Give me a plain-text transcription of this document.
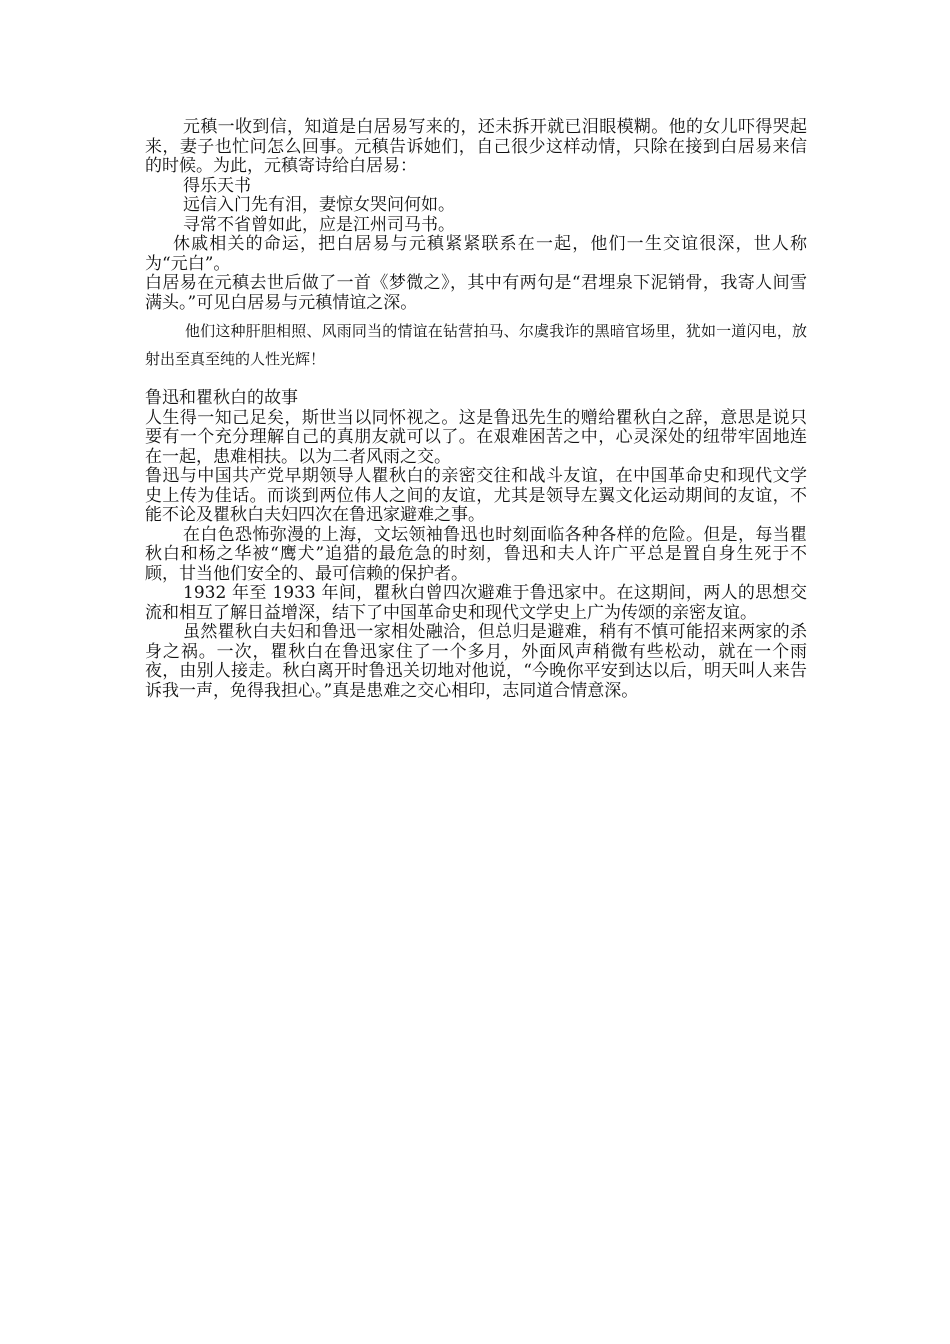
元稹一收到信，知道是白居易写来的，还未拆开就已泪眼模糊。他的女儿吓得哭起来，妻子也忙问怎么回事。元稹告诉她们，自己很少这样动情，只除在接到白居易来信的时候。为此，元稹寄诗给白居易：

得乐天书

远信入门先有泪，妻惊女哭问何如。

寻常不省曾如此，应是江州司马书。

休戚相关的命运，把白居易与元稹紧紧联系在一起，他们一生交谊很深，世人称为“元白”。

白居易在元稹去世后做了一首《梦微之》，其中有两句是“君埋泉下泥销骨，我寄人间雪满头。”可见白居易与元稹情谊之深。

他们这种肝胆相照、风雨同当的情谊在钻营拍马、尔虞我诈的黑暗官场里，犹如一道闪电，放射出至真至纯的人性光辉！

鲁迅和瞿秋白的故事

人生得一知己足矣，斯世当以同怀视之。这是鲁迅先生的赠给瞿秋白之辞，意思是说只要有一个充分理解自己的真朋友就可以了。在艰难困苦之中，心灵深处的纽带牢固地连在一起，患难相扶。以为二者风雨之交。

鲁迅与中国共产党早期领导人瞿秋白的亲密交往和战斗友谊，在中国革命史和现代文学史上传为佳话。而谈到两位伟人之间的友谊，尤其是领导左翼文化运动期间的友谊，不能不论及瞿秋白夫妇四次在鲁迅家避难之事。

在白色恐怖弥漫的上海，文坛领袖鲁迅也时刻面临各种各样的危险。但是，每当瞿秋白和杨之华被“鹰犬”追猎的最危急的时刻，鲁迅和夫人许广平总是置自身生死于不顾，甘当他们安全的、最可信赖的保护者。

1932 年至 1933 年间，瞿秋白曾四次避难于鲁迅家中。在这期间，两人的思想交流和相互了解日益增深，结下了中国革命史和现代文学史上广为传颂的亲密友谊。

虽然瞿秋白夫妇和鲁迅一家相处融洽，但总归是避难，稍有不慎可能招来两家的杀身之祸。一次，瞿秋白在鲁迅家住了一个多月，外面风声稍微有些松动，就在一个雨夜，由别人接走。秋白离开时鲁迅关切地对他说，“今晚你平安到达以后，明天叫人来告诉我一声，免得我担心。”真是患难之交心相印，志同道合情意深。
